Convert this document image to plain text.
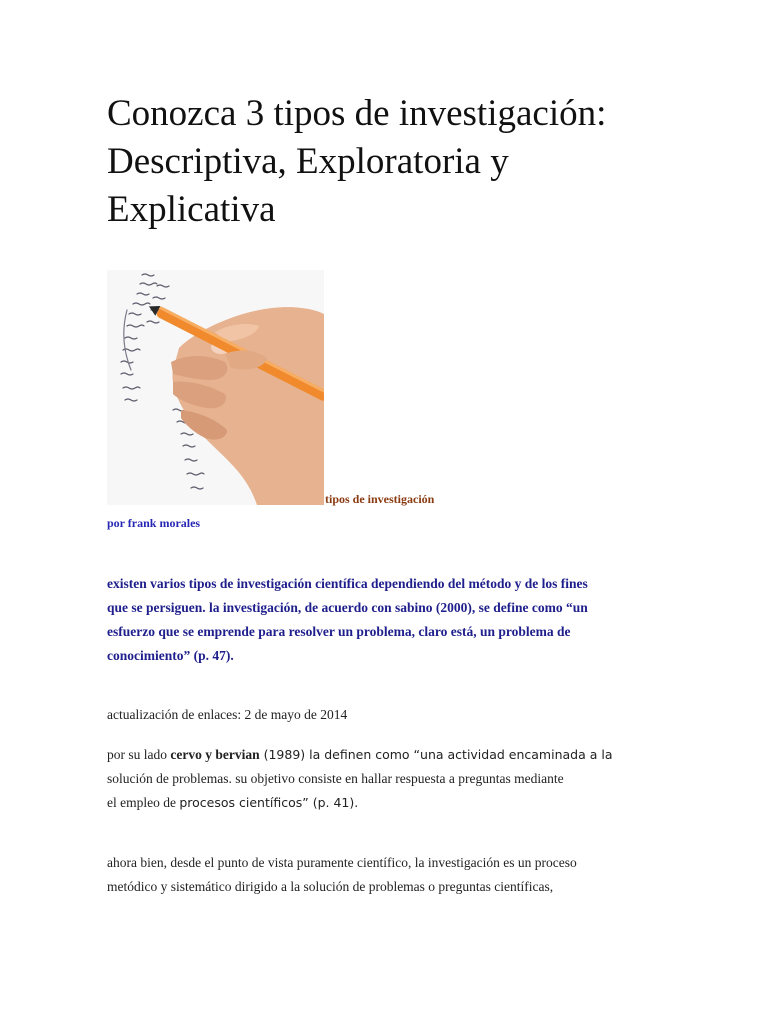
Conozca 3 tipos de investigación:
Descriptiva, Exploratoria y
Explicativa
tipos de investigación
por frank morales
existen varios tipos de investigación científica dependiendo del método y de los fines
que se persiguen. la investigación, de acuerdo con sabino (2000), se define como “un
esfuerzo que se emprende para resolver un problema, claro está, un problema de
conocimiento” (p. 47).
actualización de enlaces: 2 de mayo de 2014
por su lado cervo y bervian (1989) la definen como “una actividad encaminada a la
solución de problemas. su objetivo consiste en hallar respuesta a preguntas mediante
el empleo de procesos científicos” (p. 41).
ahora bien, desde el punto de vista puramente científico, la investigación es un proceso
metódico y sistemático dirigido a la solución de problemas o preguntas científicas,
